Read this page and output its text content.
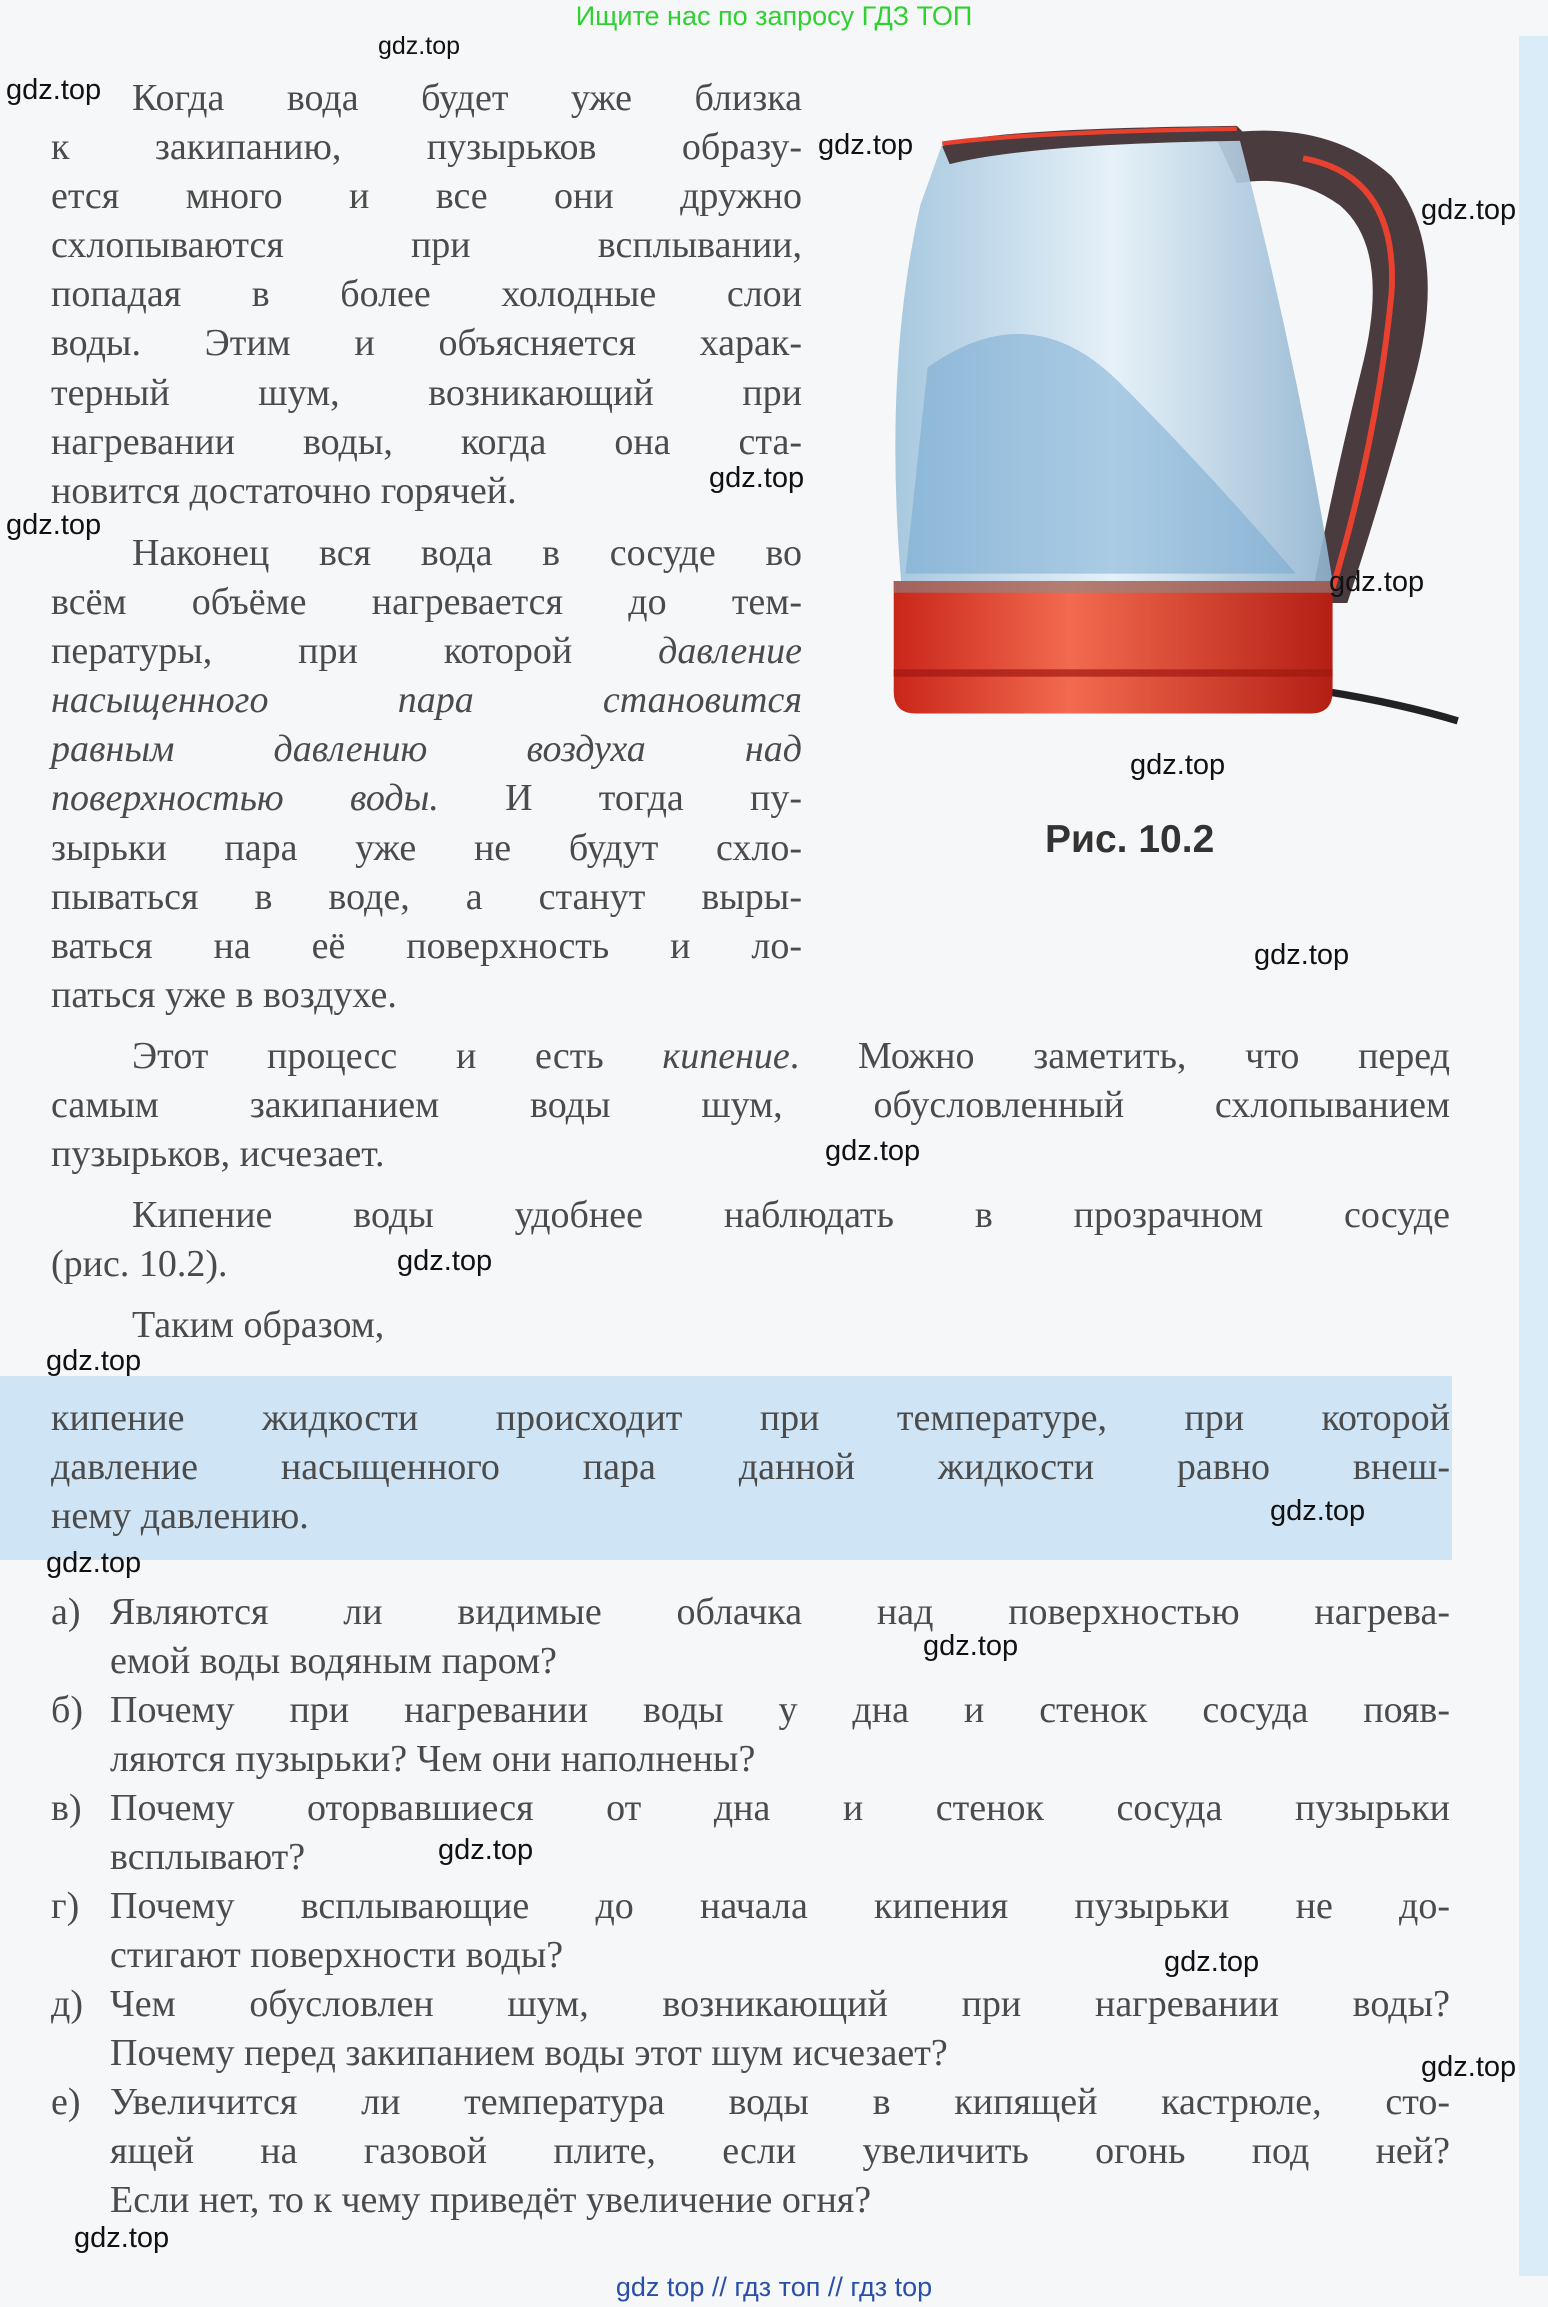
Ищите нас по запросу ГДЗ ТОП
Рис. 10.2
Когда вода будет уже близка
к закипанию, пузырьков образу-
ется много и все они дружно
схлопываются при всплывании,
попадая в более холодные слои
воды. Этим и объясняется харак-
терный шум, возникающий при
нагревании воды, когда она ста-
новится достаточно горячей.
Наконец вся вода в сосуде во
всём объёме нагревается до тем-
пературы, при которой давление
насыщенного пара становится
равным давлению воздуха над
поверхностью воды. И тогда пу-
зырьки пара уже не будут схло-
пываться в воде, а станут выры-
ваться на её поверхность и ло-
паться уже в воздухе.
Этот процесс и есть кипение. Можно заметить, что перед
самым закипанием воды шум, обусловленный схлопыванием
пузырьков, исчезает.
Кипение воды удобнее наблюдать в прозрачном сосуде
(рис. 10.2).
Таким образом,
кипение жидкости происходит при температуре, при которой
давление насыщенного пара данной жидкости равно внеш-
нему давлению.
а) Являются ли видимые облачка над поверхностью нагрева-
емой воды водяным паром?
б) Почему при нагревании воды у дна и стенок сосуда появ-
ляются пузырьки? Чем они наполнены?
в) Почему оторвавшиеся от дна и стенок сосуда пузырьки
всплывают?
г) Почему всплывающие до начала кипения пузырьки не до-
стигают поверхности воды?
д) Чем обусловлен шум, возникающий при нагревании воды?
Почему перед закипанием воды этот шум исчезает?
е) Увеличится ли температура воды в кипящей кастрюле, сто-
ящей на газовой плите, если увеличить огонь под ней?
Если нет, то к чему приведёт увеличение огня?
gdz.top
gdz.top
gdz.top
gdz.top
gdz.top
gdz.top
gdz.top
gdz.top
gdz.top
gdz.top
gdz.top
gdz.top
gdz.top
gdz.top
gdz.top
gdz.top
gdz.top
gdz.top
gdz.top
gdz top // гдз топ // гдз top
